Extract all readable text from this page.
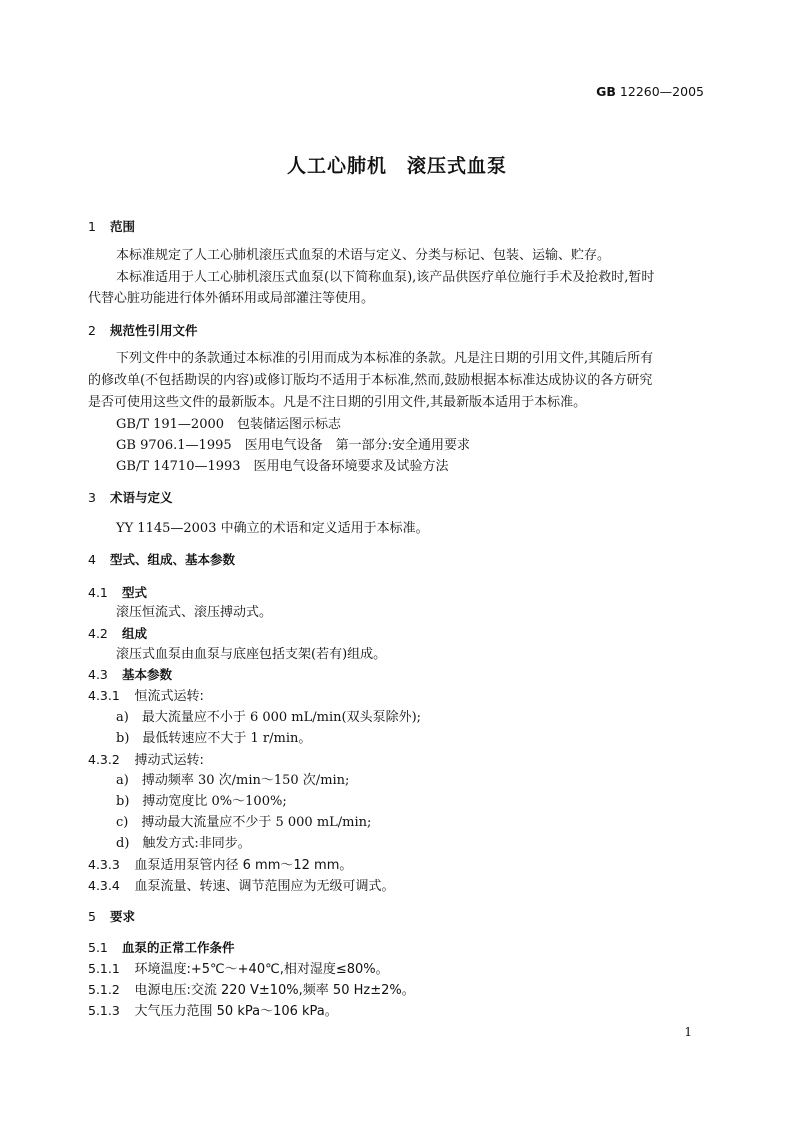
GB 12260—2005
人工心肺机　滚压式血泵
1 范围
本标准规定了人工心肺机滚压式血泵的术语与定义、分类与标记、包装、运输、贮存。
本标准适用于人工心肺机滚压式血泵(以下简称血泵),该产品供医疗单位施行手术及抢救时,暂时
代替心脏功能进行体外循环用或局部灌注等使用。
2 规范性引用文件
下列文件中的条款通过本标准的引用而成为本标准的条款。凡是注日期的引用文件,其随后所有
的修改单(不包括勘误的内容)或修订版均不适用于本标准,然而,鼓励根据本标准达成协议的各方研究
是否可使用这些文件的最新版本。凡是不注日期的引用文件,其最新版本适用于本标准。
GB/T 191—2000　包装储运图示标志
GB 9706.1—1995　医用电气设备　第一部分:安全通用要求
GB/T 14710—1993　医用电气设备环境要求及试验方法
3 术语与定义
YY 1145—2003 中确立的术语和定义适用于本标准。
4 型式、组成、基本参数
4.1 型式
滚压恒流式、滚压搏动式。
4.2 组成
滚压式血泵由血泵与底座包括支架(若有)组成。
4.3 基本参数
4.3.1　 恒流式运转:
a)　最大流量应不小于 6 000 mL/min(双头泵除外);
b)　最低转速应不大于 1 r/min。
4.3.2　 搏动式运转:
a)　搏动频率 30 次/min～150 次/min;
b)　搏动宽度比 0%～100%;
c)　搏动最大流量应不少于 5 000 mL/min;
d)　触发方式:非同步。
4.3.3　 血泵适用泵管内径 6 mm～12 mm。
4.3.4　 血泵流量、转速、调节范围应为无级可调式。
5 要求
5.1 血泵的正常工作条件
5.1.1　 环境温度:+5℃～+40℃,相对湿度≤80%。
5.1.2　 电源电压:交流 220 V±10%,频率 50 Hz±2%。
5.1.3　 大气压力范围 50 kPa～106 kPa。
1
